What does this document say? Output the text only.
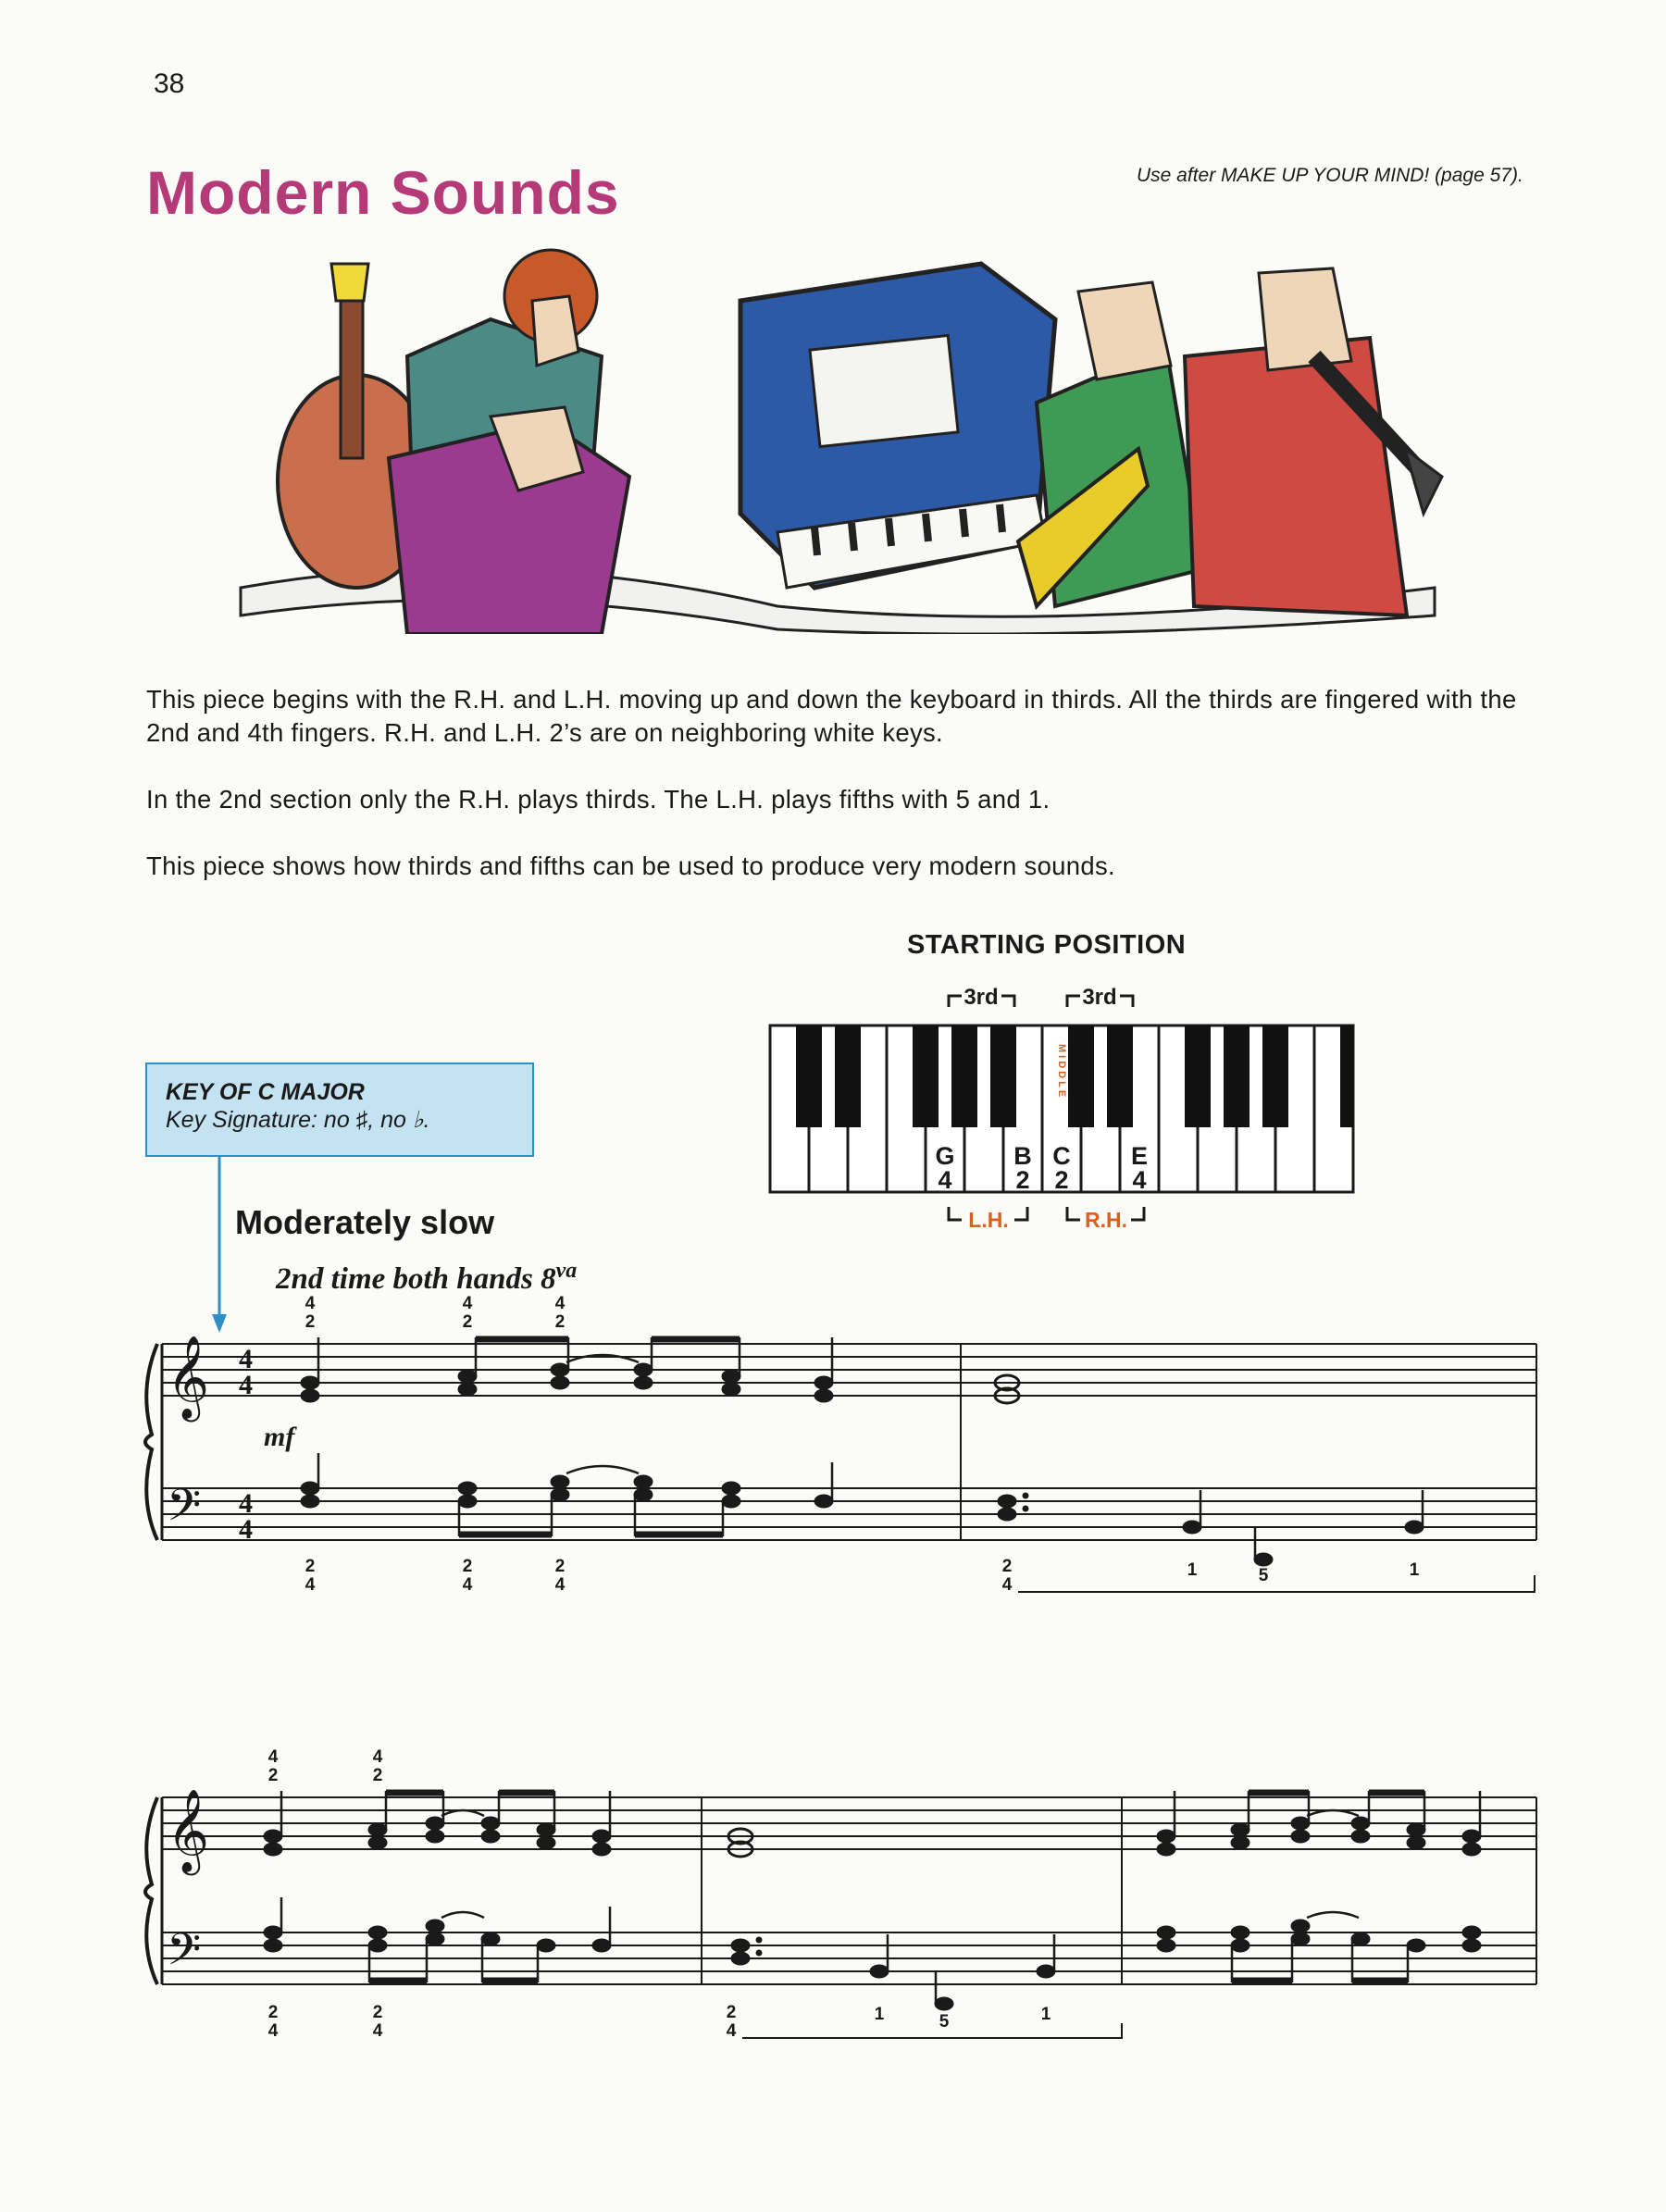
38
Modern Sounds	Use after MAKE UP YOUR MIND! (page 57).
This piece begins with the R.H. and L.H. moving up and down the keyboard in thirds. All the thirds are fingered with the 2nd and 4th fingers. R.H. and L.H. 2’s are on neighboring white keys.
In the 2nd section only the R.H. plays thirds. The L.H. plays fifths with 5 and 1.
This piece shows how thirds and fifths can be used to produce very modern sounds.
STARTING POSITION
3rd	3rd
MIDDLE
G
4
B
2
C
2
E
4
L.H.	R.H.
KEY OF C MAJOR
Key Signature: no ♯, no ♭.
Moderately slow
2nd time both hands $8^{va}$
𝄞
𝄢
4
4
4
4
mf
4
2
4
2
4
2
2
4
2
4
2
4
2
4
1	5	1
𝄞
𝄢
4
2
4
2
2
4
2
4
2
4
1	5	1
